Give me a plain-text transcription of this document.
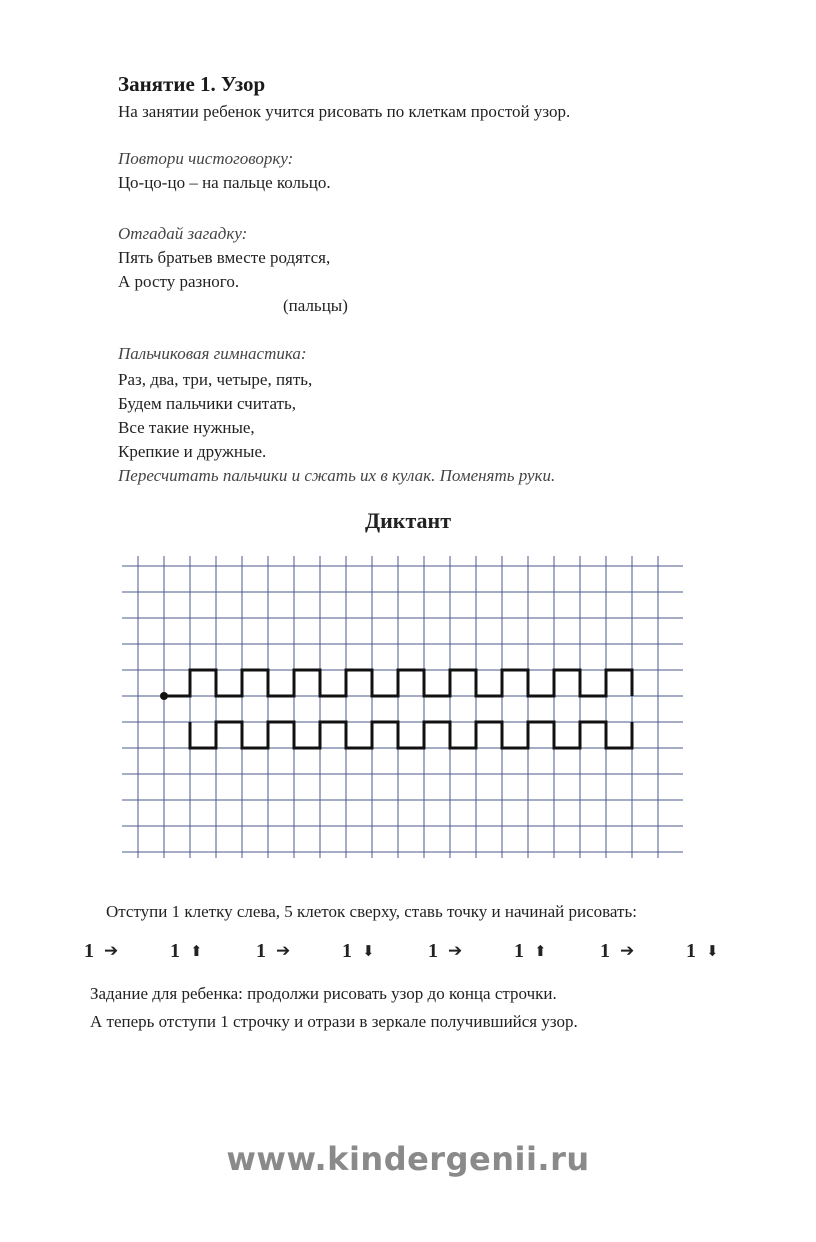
Занятие 1. Узор
На занятии ребенок учится рисовать по клеткам простой узор.
Повтори чистоговорку:
Цо-цо-цо – на пальце кольцо.
Отгадай загадку:
Пять братьев вместе родятся,
А росту разного.
(пальцы)
Пальчиковая гимнастика:
Раз, два, три, четыре, пять,
Будем пальчики считать,
Все такие нужные,
Крепкие и дружные.
Пересчитать пальчики и сжать их в кулак. Поменять руки.
Диктант
Отступи 1 клетку слева, 5 клеток сверху, ставь точку и начинай рисовать:
1 ➔	1 ⬆	1 ➔	1 ⬇	1 ➔	1 ⬆	1 ➔	1 ⬇
Задание для ребенка: продолжи рисовать узор до конца строчки.
А теперь отступи 1 строчку и отрази в зеркале получившийся узор.
www.kindergenii.ru
